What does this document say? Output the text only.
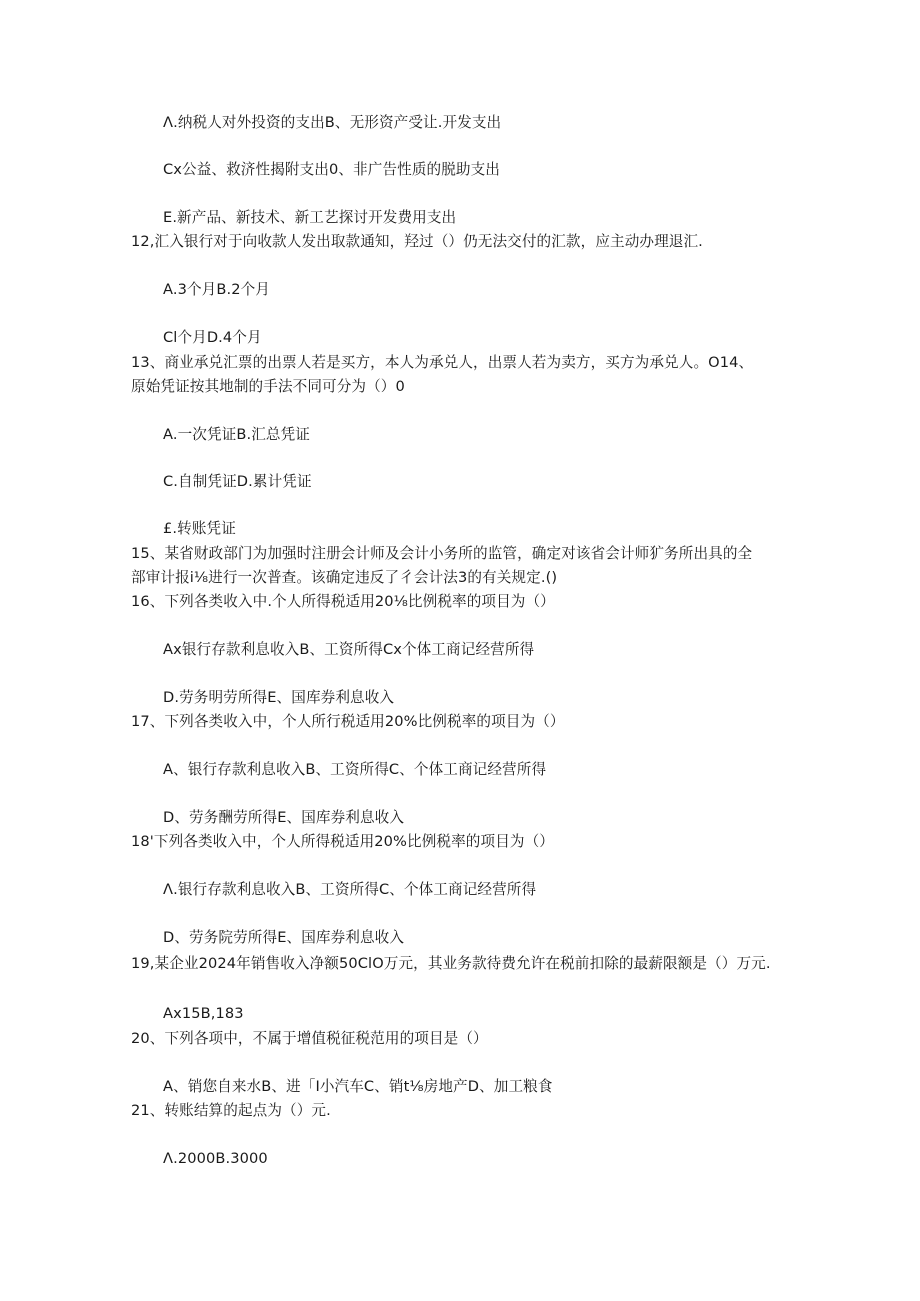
Λ.纳税人对外投资的支出B、无形资产受让.开发支出
Cx公益、救济性揭附支出0、非广告性质的脱助支出
E.新产品、新技术、新工艺探讨开发费用支出
12,汇入银行对于向收款人发出取款通知，羟过（）仍无法交付的汇款，应主动办理退汇.
A.3个月B.2个月
Cl个月D.4个月
13、商业承兑汇票的出票人若是买方，本人为承兑人，出票人若为卖方，买方为承兑人。O14、
原始凭证按其地制的手法不同可分为（）0
A.一次凭证B.汇总凭证
C.自制凭证D.累计凭证
£.转账凭证
15、某省财政部门为加强时注册会计师及会计小务所的监管，确定对该省会计师犷务所出具的全
部审计报i⅛进行一次普查。该确定违反了彳会计法3的有关规定.()
16、下列各类收入中.个人所得税适用20⅛比例税率的项目为（）
Ax银行存款利息收入B、工资所得Cx个体工商记经营所得
D.劳务明劳所得E、国库券利息收入
17、下列各类收入中，个人所行税适用20%比例税率的项目为（）
A、银行存款利息收入B、工资所得C、个体工商记经营所得
D、劳务酬劳所得E、国库券利息收入
18'下列各类收入中，个人所得税适用20%比例税率的项目为（）
Λ.银行存款利息收入B、工资所得C、个体工商记经营所得
D、劳务院劳所得E、国库券利息收入
19,某企业2024年销售收入净额50ClO万元，其业务款待费允许在税前扣除的最薪限额是（）万元.
Ax15B,183
20、下列各项中，不属于增值税征税范用的项目是（）
A、销您自来水B、进「I小汽车C、销t⅛房地产D、加工粮食
21、转账结算的起点为（）元.
Λ.2000B.3000
